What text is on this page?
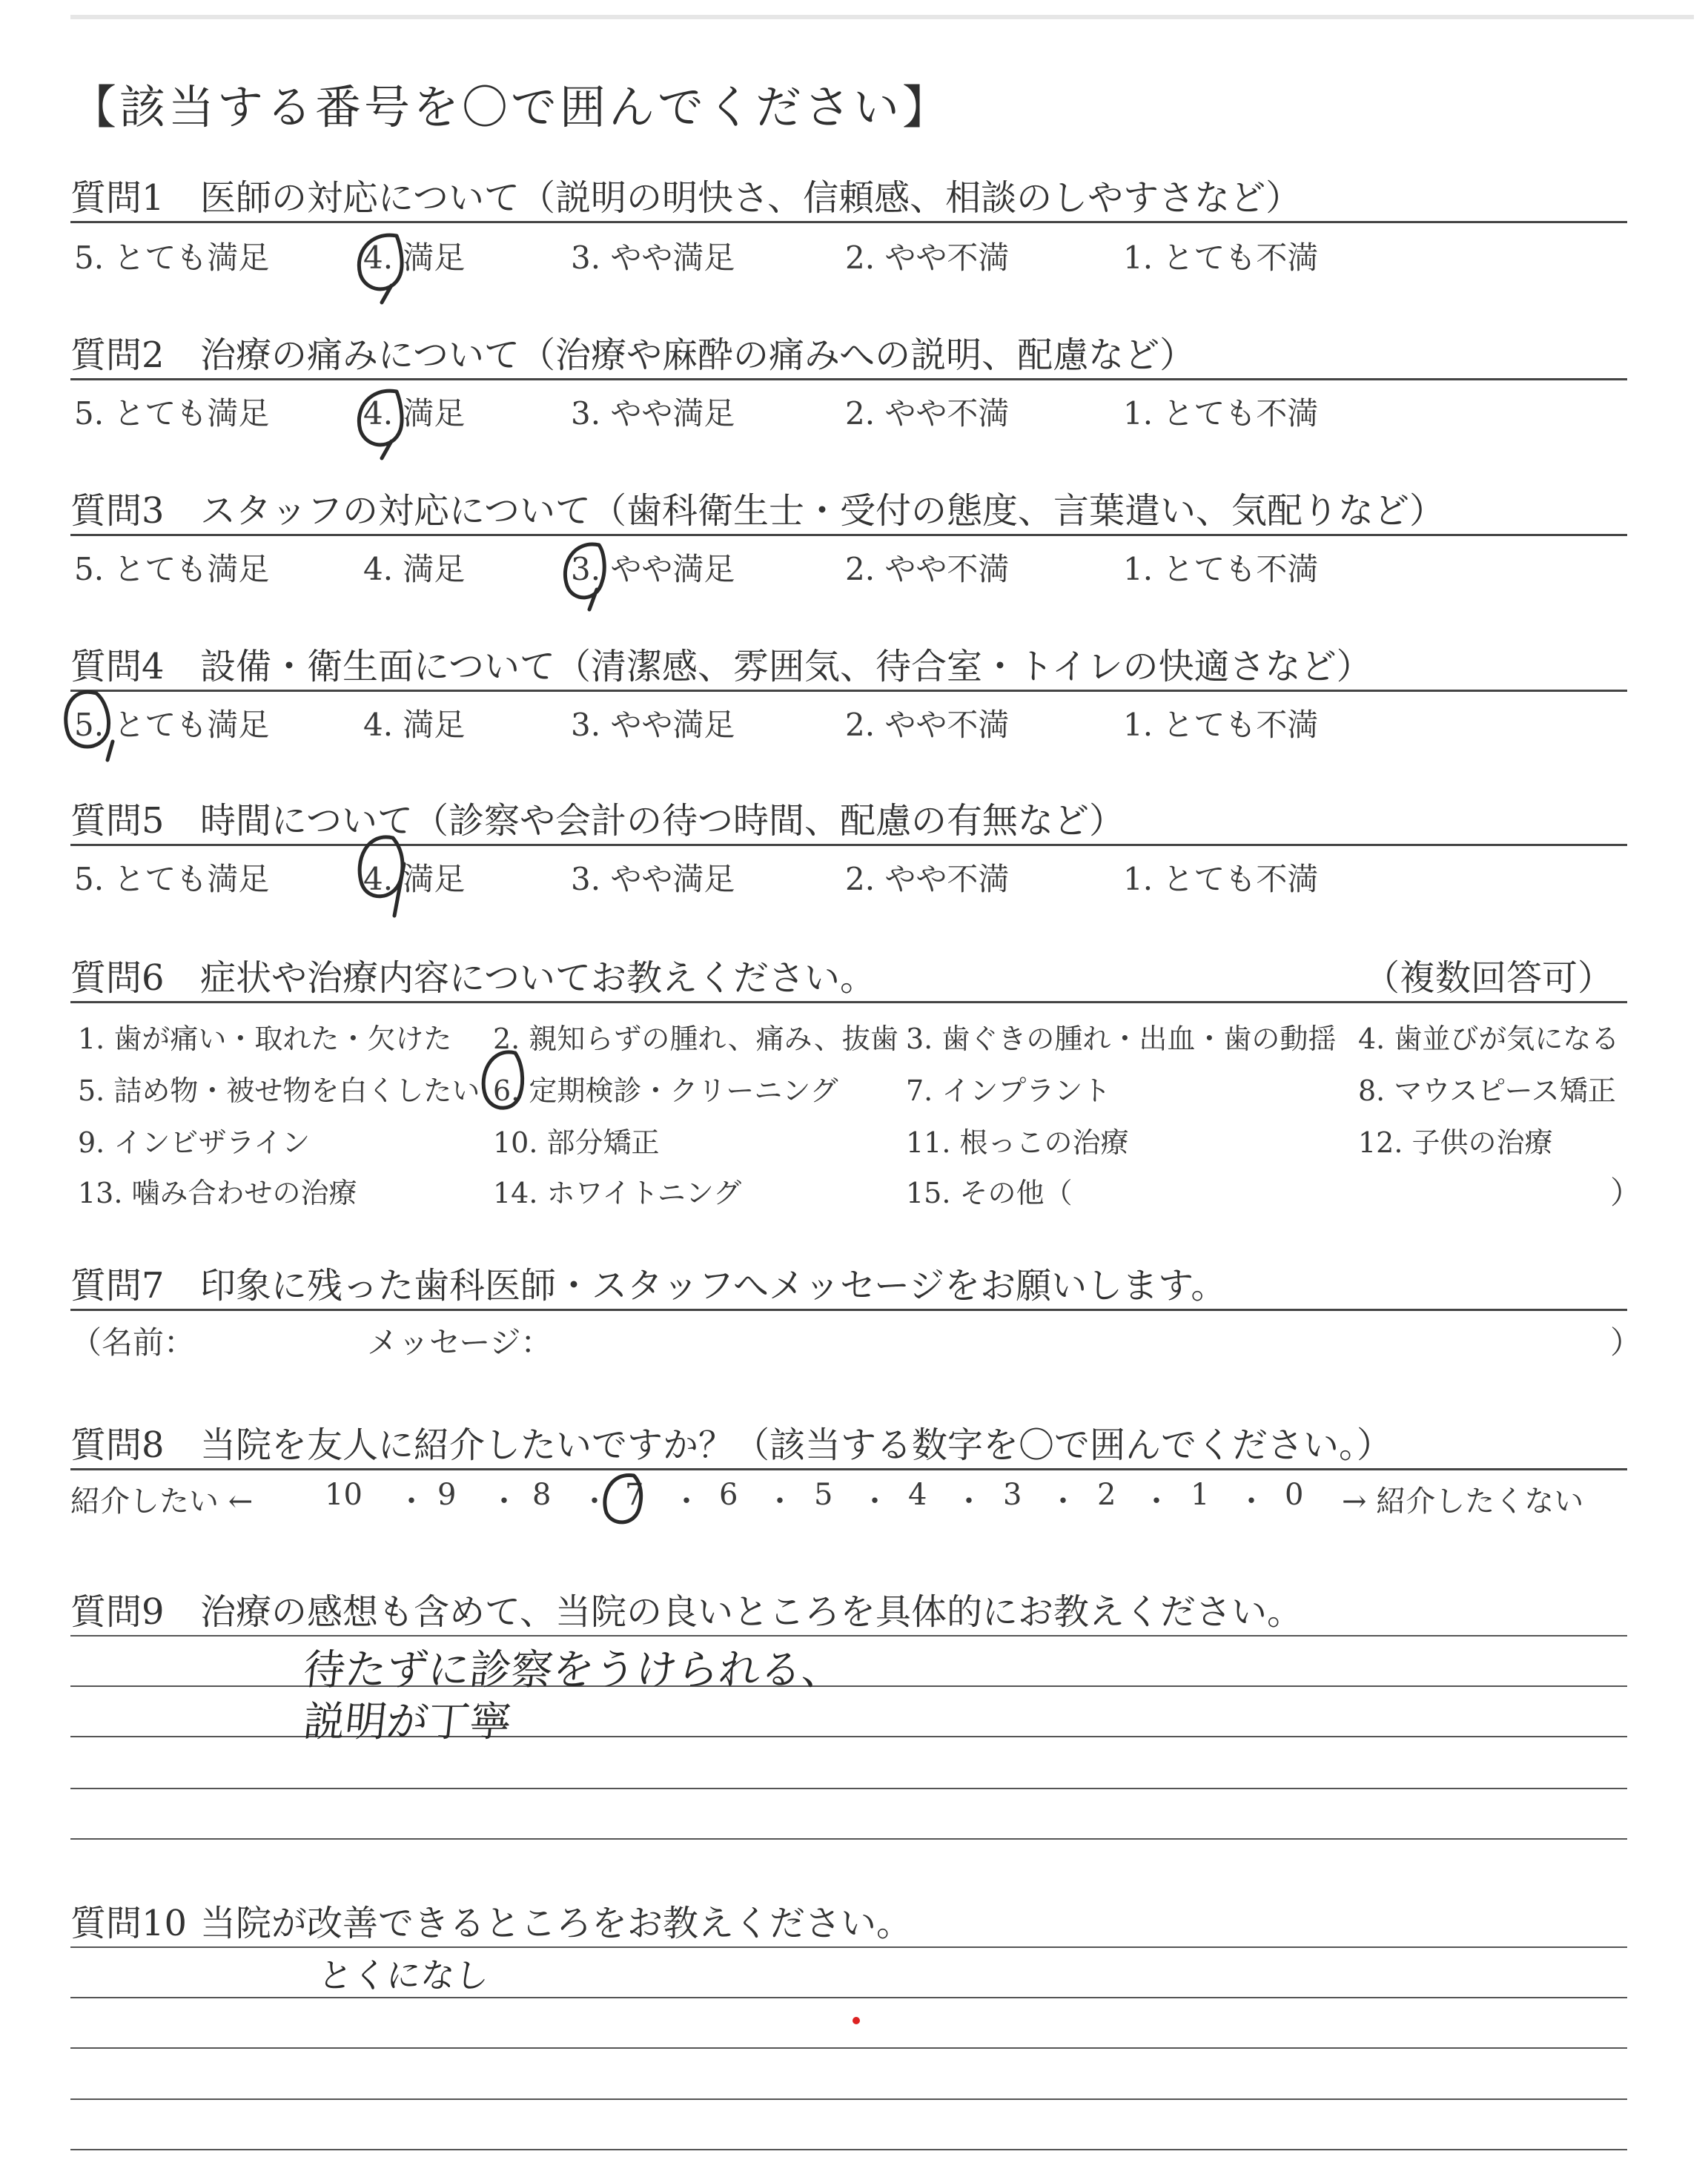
【該当する番号を〇で囲んでください】
質問1 医師の対応について（説明の明快さ、信頼感、相談のしやすさなど）
5. とても満足	4. 満足	3. やや満足	2. やや不満	1. とても不満
質問2 治療の痛みについて（治療や麻酔の痛みへの説明、配慮など）
5. とても満足	4. 満足	3. やや満足	2. やや不満	1. とても不満
質問3 スタッフの対応について（歯科衛生士・受付の態度、言葉遣い、気配りなど）
5. とても満足	4. 満足	3. やや満足	2. やや不満	1. とても不満
質問4 設備・衛生面について（清潔感、雰囲気、待合室・トイレの快適さなど）
5. とても満足	4. 満足	3. やや満足	2. やや不満	1. とても不満
質問5 時間について（診察や会計の待つ時間、配慮の有無など）
5. とても満足	4. 満足	3. やや満足	2. やや不満	1. とても不満
質問6 症状や治療内容についてお教えください。	（複数回答可）
1. 歯が痛い・取れた・欠けた 2. 親知らずの腫れ、痛み、抜歯 3. 歯ぐきの腫れ・出血・歯の動揺 4. 歯並びが気になる
5. 詰め物・被せ物を白くしたい 6. 定期検診・クリーニング 7. インプラント	8. マウスピース矯正
9. インビザライン	10. 部分矯正	11. 根っこの治療	12. 子供の治療
13. 噛み合わせの治療	14. ホワイトニング	15. その他（	）
質問7 印象に残った歯科医師・スタッフへメッセージをお願いします。
（名前：	メッセージ：	）
質問8 当院を友人に紹介したいですか？（該当する数字を〇で囲んでください。）
紹介したい ← 10 ・ 9 ・ 8 ・ 7 ・ 6 ・ 5 ・ 4 ・ 3 ・ 2 ・ 1 ・ 0 → 紹介したくない
質問9 治療の感想も含めて、当院の良いところを具体的にお教えください。
待たずに診察をうけられる、
説明が丁寧
質問10 当院が改善できるところをお教えください。
とくになし
